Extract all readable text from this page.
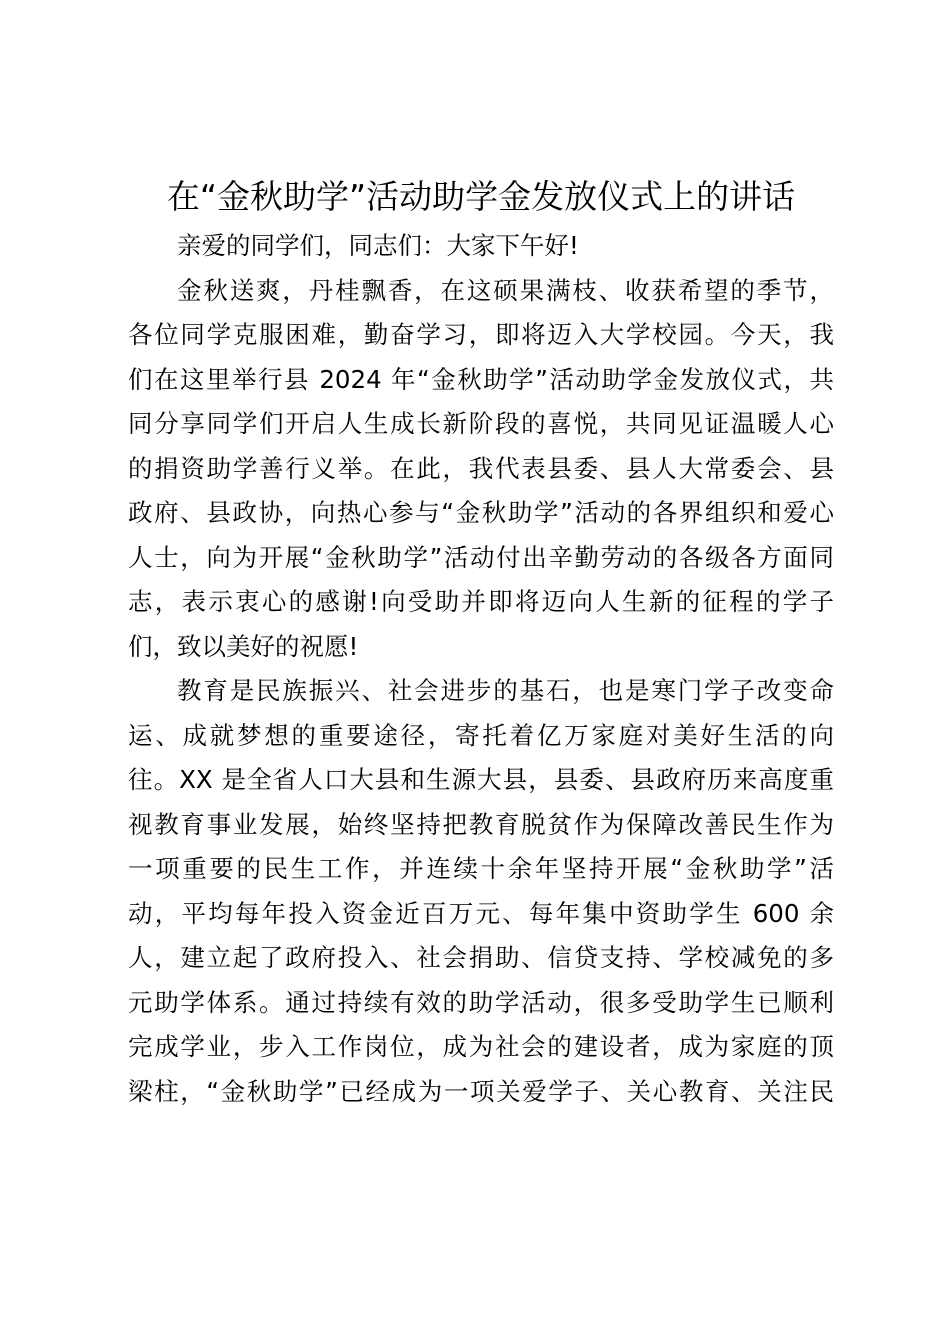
在“金秋助学”活动助学金发放仪式上的讲话

亲爱的同学们，同志们：大家下午好!

金秋送爽，丹桂飘香，在这硕果满枝、收获希望的季节，
各位同学克服困难，勤奋学习，即将迈入大学校园。今天，我
们在这里举行县 2024 年“金秋助学”活动助学金发放仪式，共
同分享同学们开启人生成长新阶段的喜悦，共同见证温暖人心
的捐资助学善行义举。在此，我代表县委、县人大常委会、县
政府、县政协，向热心参与“金秋助学”活动的各界组织和爱心
人士，向为开展“金秋助学”活动付出辛勤劳动的各级各方面同
志，表示衷心的感谢!向受助并即将迈向人生新的征程的学子
们，致以美好的祝愿!
教育是民族振兴、社会进步的基石，也是寒门学子改变命
运、成就梦想的重要途径，寄托着亿万家庭对美好生活的向
往。XX 是全省人口大县和生源大县，县委、县政府历来高度重
视教育事业发展，始终坚持把教育脱贫作为保障改善民生作为
一项重要的民生工作，并连续十余年坚持开展“金秋助学”活
动，平均每年投入资金近百万元、每年集中资助学生 600 余
人，建立起了政府投入、社会捐助、信贷支持、学校减免的多
元助学体系。通过持续有效的助学活动，很多受助学生已顺利
完成学业，步入工作岗位，成为社会的建设者，成为家庭的顶
梁柱，“金秋助学”已经成为一项关爱学子、关心教育、关注民
